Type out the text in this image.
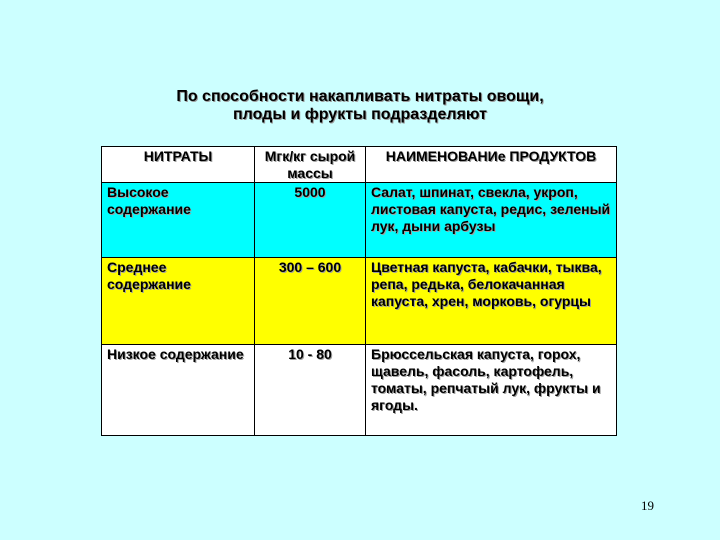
По способности накапливать нитраты овощи,
плоды и фрукты подразделяют
НИТРАТЫ	Мгк/кг сырой массы	НАИМЕНОВАНИе ПРОДУКТОВ
Высокое содержание	5000	Салат, шпинат, свекла, укроп, листовая капуста, редис, зеленый лук, дыни арбузы
Среднее содержание	300 – 600	Цветная капуста, кабачки, тыква, репа, редька, белокачанная капуста, хрен, морковь, огурцы
Низкое содержание	10 - 80	Брюссельская капуста, горох, щавель, фасоль, картофель, томаты, репчатый лук, фрукты и ягоды.
19
